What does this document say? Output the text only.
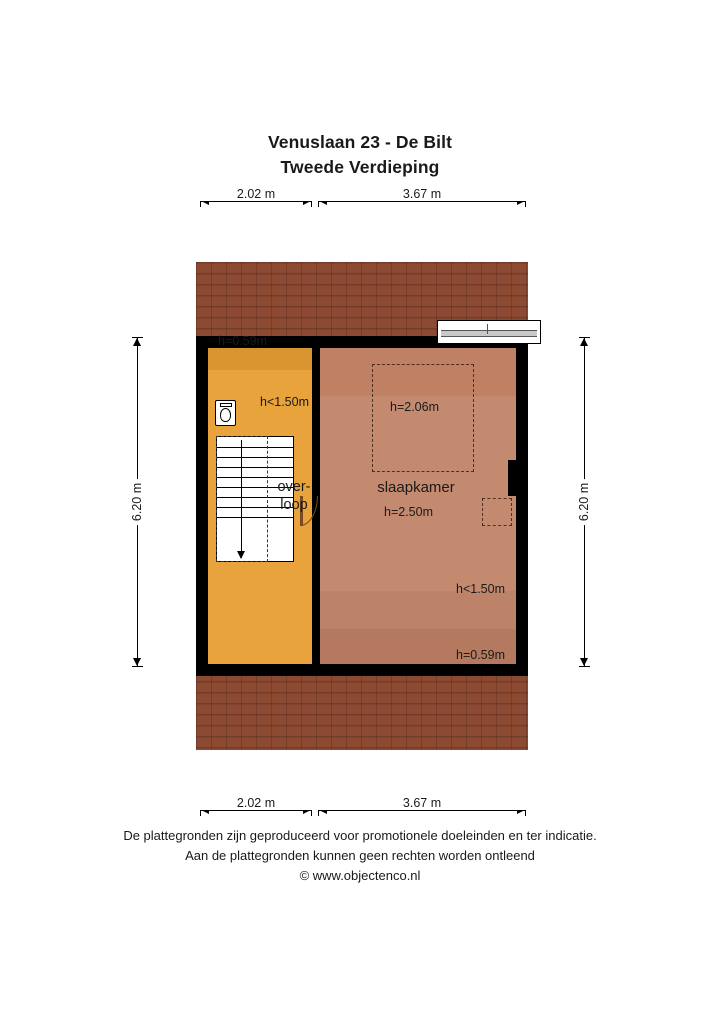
Venuslaan 23 - De Bilt
Tweede Verdieping
2.02 m	3.67 m
6.20 m	6.20 m
over-
loop
slaapkamer
h=0.59m
h<1.50m	h=2.06m
h=2.50m
h<1.50m
h=0.59m
2.02 m	3.67 m
De plattegronden zijn geproduceerd voor promotionele doeleinden en ter indicatie.
Aan de plattegronden kunnen geen rechten worden ontleend
© www.objectenco.nl
